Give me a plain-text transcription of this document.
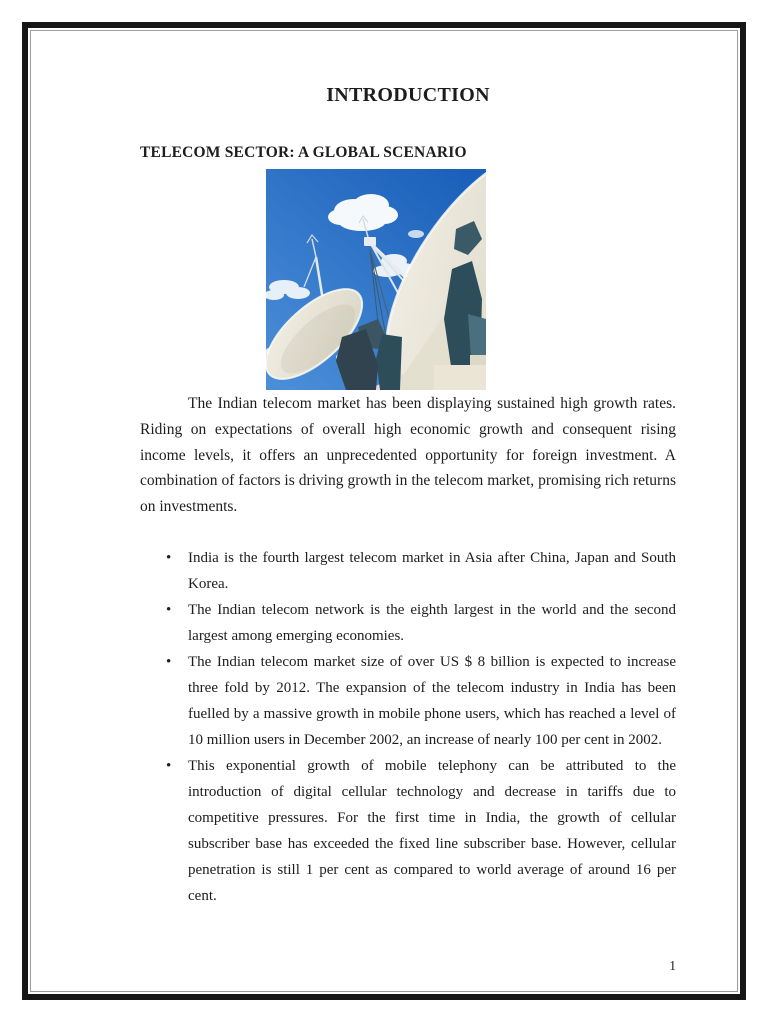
INTRODUCTION
TELECOM SECTOR: A GLOBAL SCENARIO

The Indian telecom market has been displaying sustained high growth rates. Riding on expectations of overall high economic growth and consequent rising income levels, it offers an unprecedented opportunity for foreign investment. A combination of factors is driving growth in the telecom market, promising rich returns on investments.

• India is the fourth largest telecom market in Asia after China, Japan and South Korea.
• The Indian telecom network is the eighth largest in the world and the second largest among emerging economies.
• The Indian telecom market size of over US $ 8 billion is expected to increase three fold by 2012. The expansion of the telecom industry in India has been fuelled by a massive growth in mobile phone users, which has reached a level of 10 million users in December 2002, an increase of nearly 100 per cent in 2002.
• This exponential growth of mobile telephony can be attributed to the introduction of digital cellular technology and decrease in tariffs due to competitive pressures. For the first time in India, the growth of cellular subscriber base has exceeded the fixed line subscriber base. However, cellular penetration is still 1 per cent as compared to world average of around 16 per cent.
1
